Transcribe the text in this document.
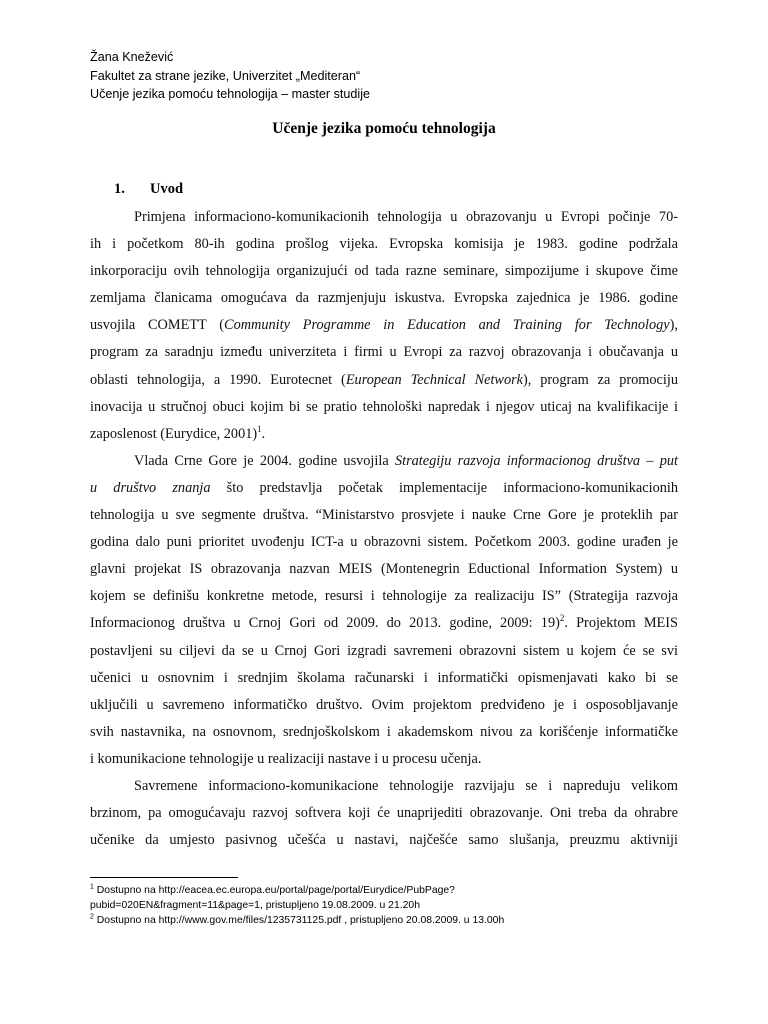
Žana Knežević
Fakultet za strane jezike, Univerzitet „Mediteran“
Učenje jezika pomoću tehnologija – master studije
Učenje jezika pomoću tehnologija
1. Uvod
Primjena informaciono-komunikacionih tehnologija u obrazovanju u Evropi počinje 70-
ih i početkom 80-ih godina prošlog vijeka. Evropska komisija je 1983. godine podržala
inkorporaciju ovih tehnologija organizujući od tada razne seminare, simpozijume i skupove čime
zemljama članicama omogućava da razmjenjuju iskustva. Evropska zajednica je 1986. godine
usvojila COMETT (Community Programme in Education and Training for Technology),
program za saradnju između univerziteta i firmi u Evropi za razvoj obrazovanja i obučavanja u
oblasti tehnologija, a 1990. Eurotecnet (European Technical Network), program za promociju
inovacija u stručnoj obuci kojim bi se pratio tehnološki napredak i njegov uticaj na kvalifikacije i
zaposlenost (Eurydice, 2001)$^1$.
Vlada Crne Gore je 2004. godine usvojila Strategiju razvoja informacionog društva – put
u društvo znanja što predstavlja početak implementacije informaciono-komunikacionih
tehnologija u sve segmente društva. “Ministarstvo prosvjete i nauke Crne Gore je proteklih par
godina dalo puni prioritet uvođenju ICT-a u obrazovni sistem. Početkom 2003. godine urađen je
glavni projekat IS obrazovanja nazvan MEIS (Montenegrin Eductional Information System) u
kojem se definišu konkretne metode, resursi i tehnologije za realizaciju IS” (Strategija razvoja
Informacionog društva u Crnoj Gori od 2009. do 2013. godine, 2009: 19)$^2$. Projektom MEIS
postavljeni su ciljevi da se u Crnoj Gori izgradi savremeni obrazovni sistem u kojem će se svi
učenici u osnovnim i srednjim školama računarski i informatički opismenjavati kako bi se
uključili u savremeno informatičko društvo. Ovim projektom predviđeno je i osposobljavanje
svih nastavnika, na osnovnom, srednjoškolskom i akademskom nivou za korišćenje informatičke
i komunikacione tehnologije u realizaciji nastave i u procesu učenja.
Savremene informaciono-komunikacione tehnologije razvijaju se i napreduju velikom
brzinom, pa omogućavaju razvoj softvera koji će unaprijediti obrazovanje. Oni treba da ohrabre
učenike da umjesto pasivnog učešća u nastavi, najčešće samo slušanja, preuzmu aktivniji
$^1$ Dostupno na http://eacea.ec.europa.eu/portal/page/portal/Eurydice/PubPage?
pubid=020EN&fragment=11&page=1, pristupljeno 19.08.2009. u 21.20h
$^2$ Dostupno na http://www.gov.me/files/1235731125.pdf , pristupljeno 20.08.2009. u 13.00h
